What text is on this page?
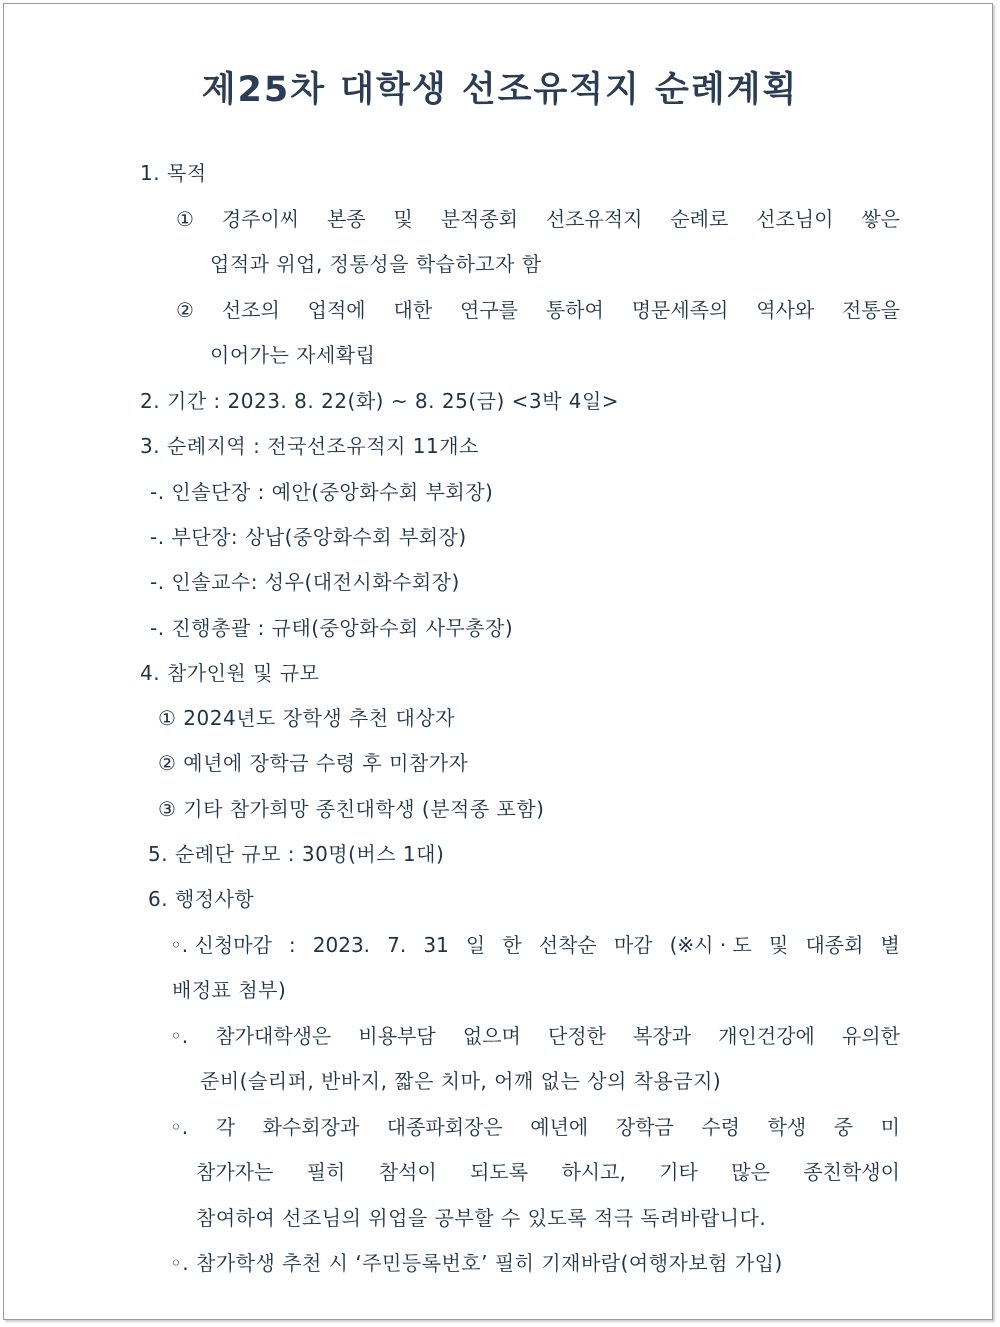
제25차 대학생 선조유적지 순례계획
1. 목적
① 경주이씨 본종 및 분적종회 선조유적지 순례로 선조님이 쌓은
업적과 위업, 정통성을 학습하고자 함
② 선조의 업적에 대한 연구를 통하여 명문세족의 역사와 전통을
이어가는 자세확립
2. 기간 : 2023. 8. 22(화) ~ 8. 25(금) <3박 4일>
3. 순례지역 : 전국선조유적지 11개소
-. 인솔단장 : 예안(중앙화수회 부회장)
-. 부단장: 상납(중앙화수회 부회장)
-. 인솔교수: 성우(대전시화수회장)
-. 진행총괄 : 규태(중앙화수회 사무총장)
4. 참가인원 및 규모
① 2024년도 장학생 추천 대상자
② 예년에 장학금 수령 후 미참가자
③ 기타 참가희망 종친대학생 (분적종 포함)
5. 순례단 규모 : 30명(버스 1대)
6. 행정사항
◦. 신청마감 : 2023. 7. 31 일 한 선착순 마감 (※시 · 도 및 대종회 별
배정표 첨부)
◦. 참가대학생은 비용부담 없으며 단정한 복장과 개인건강에 유의한
준비(슬리퍼, 반바지, 짧은 치마, 어깨 없는 상의 착용금지)
◦. 각 화수회장과 대종파회장은 예년에 장학금 수령 학생 중 미
참가자는 필히 참석이 되도록 하시고, 기타 많은 종친학생이
참여하여 선조님의 위업을 공부할 수 있도록 적극 독려바랍니다.
◦. 참가학생 추천 시 ‘주민등록번호’ 필히 기재바람(여행자보험 가입)
